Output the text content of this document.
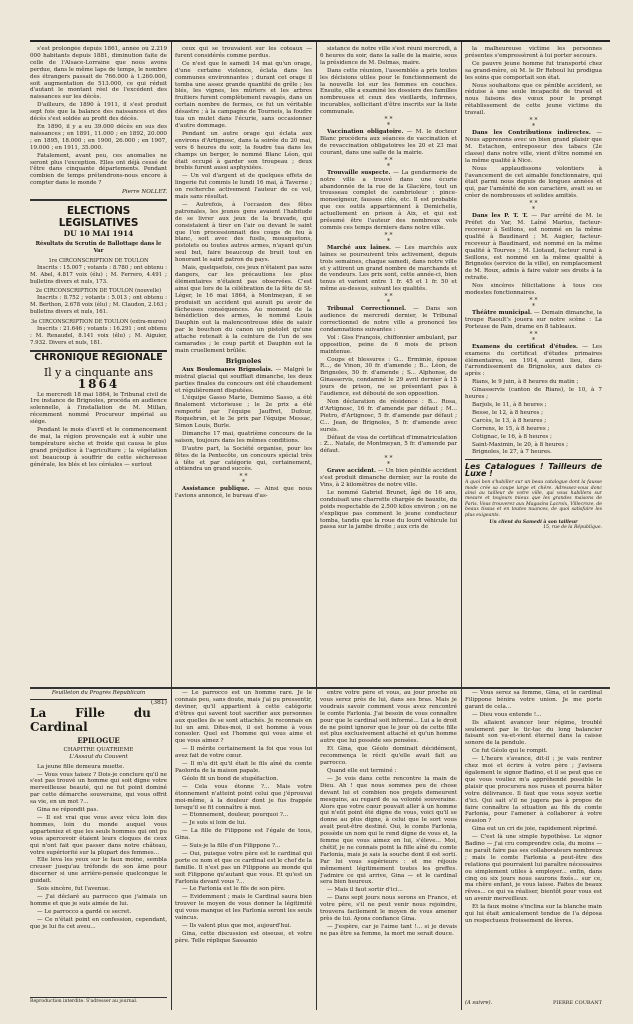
s'est prolongée depuis 1861, année où 2.219 000 habitants depuis 1881, diminution faite de celle de l'Alsace-Lorraine que nous avons perdue, dans le même laps de temps, le nombre des étrangers passait de 766.000 à 1.260.000, soit augmentation de 513.000, ce qui réduit d'autant le montant réel de l'excédent des naissances sur les décès.

D'ailleurs, de 1890 à 1911, il s'est produit sept fois que la balance des naissances et des décès s'est soldée au profit des décès.

En 1890, il y a eu 39.000 décès en sus des naissances ; en 1891, 11.000 ; en 1892, 20.000 ; en 1895, 18.000 ; en 1900, 26.000 ; en 1907, 19.000 ; en 1911, 35.000.

Fatalement, avant peu, ces anomalies ne seront plus l'exception. Elles ont déjà cessé de l'être dans cinquante départements. Pendant combien de temps prétendrons-nous encore à compter dans le monde ?

Pierre NOLLET.

ELECTIONS LEGISLATIVES
DU 10 MAI 1914
Résultats du Scrutin de Ballottage dans le Var
1re CIRCONSCRIPTION DE TOULON

Inscrits : 15.007 ; votants : 8.780 ; ont obtenu : M. Abel, 4.817 voix (élu) ; M. Ferrero, 4.491 ; bulletins divers et nuls, 173.

2e CIRCONSCRIPTION DE TOULON (nouvelle)

Inscrits : 8.752 ; votants : 5.013 ; ont obtenu : M. Berthon, 2.678 voix (élu) ; M. Claudon, 2.163 ; bulletins divers et nuls, 161.

3e CIRCONSCRIPTION DE TOULON (extra-muros)

Inscrits : 21.646 ; votants : 16.291 ; ont obtenu : M. Renaudel, 8.141 voix (élu) ; M. Aiguier, 7.932. Divers et nuls, 181.

CHRONIQUE RÉGIONALE
Il y a cinquante ans
1864

Le mercredi 18 mai 1864, le Tribunal civil de 1re instance de Brignoles, procéda en audience solennelle, à l'installation de M. Millan, récemment nommé Procureur impérial au siège.

Pendant le mois d'avril et le commencement de mai, la région provençale eut à subir une température sèche et froide qui causa le plus grand préjudice à l'agriculture ; la végétation est beaucoup à souffrir de cette sècheresse générale, les blés et les céréales — surtout

ceux qui se trouvaient sur les coteaux — furent considérés comme perdus.

Ce n'est que le samedi 14 mai qu'un orage, d'une certaine violence, éclata dans les communes environnantes ; durant cet orage il tomba une assez grande quantité de grêle ; les blés, les vignes, les mûriers et les arbres fruitiers furent complètement ravagés, dans un certain nombre de fermes, ce fut un véritable désastre ; à la campagne de Tourneis, la foudre tua un mulet dans l'écurie, sans occasionner d'autre dommage.

Pendant un autre orage qui éclata aux environs d'Artignosc, dans la soirée du 20 mai, vers 6 heures du soir, la foudre tua dans les champs un berger, le nommé Blanc Léon, qui était occupé à garder son troupeau ; deux brebis furent aussi asphyxiées.

— Un vol d'argent et de quelques effets de lingerie fut commis le lundi 16 mai, à Taverne ; on recherche activement l'auteur de ce vol, mais sans résultat.

— Autrefois, à l'occasion des fêtes patronales, les jeunes gens avaient l'habitude de se livrer aux jeux de la bravade, qui consistaient à tirer en l'air ou devant le saint que l'on processionnait des coups de feu à blanc, soit avec des fusils, mousquetons, pistolets ou toutes autres armes, n'ayant qu'un seul but, faire beaucoup de bruit tout en honorant le saint patron du pays.

Mais, quelquefois, ces jeux n'étaient pas sans dangers, car les précautions les plus élémentaires n'étaient pas observées. C'est ainsi que lors de la célébration de la fête de St-Léger, le 16 mai 1864, à Montmeyan, il se produisit un accident qui aurait pu avoir de fâcheuses conséquences. Au moment de la bénédiction des armes, le nommé Louis Dauphin eut la malencontreuse idée de saisir par le bouchon du canon un pistolet qu'une attache retenait à la ceinture de l'un de ses camarades ; le coup partit et Dauphin eut la main cruellement brûlée.

Brignoles

Aux Boulomanes Brignolais. — Malgré le mistral glacial qui soufflait dimanche, les deux parties finales du concours ont été chaudement et régulièrement disputées.

L'équipe Gasso Marie, Demimo Sasso, a été finalement victorieuse ; le 2e prix a été remporté par l'équipe Jauffret, Dufour, Roquebrun, et le 3e prix par l'équipe Messac, Simon Louis, Burle.

Dimanche 17 mai, quatrième concours de la saison, toujours dans les mêmes conditions.

D'autre part, la Société organise, pour les fêtes de la Pentecôte, un concours spécial très à tête et par catégorie qui, certainement, obtiendra un grand succès.

* *
*

Assistance publique. — Ainsi que nous l'avions annoncé, le bureau d'as-

sistance de notre ville s'est réuni mercredi, à 6 heures du soir, dans la salle de la mairie, sous la présidence de M. Delmas, maire.

Dans cette réunion, l'assemblée a pris toutes les décisions utiles pour le fonctionnement de la nouvelle loi sur les femmes en couches. Ensuite, elle a examiné les dossiers des familles nombreuses et ceux des vieillards, infirmes, incurables, sollicitant d'être inscrits sur la liste communale.

* *
*

Vaccination obligatoire. — M. le docteur Blanc procédera aux séances de vaccination et de revaccination obligatoires les 20 et 23 mai courant, dans une salle de la mairie.

* *
*

Trouvaille suspecte. — La gendarmerie de notre ville a trouvé dans une écurie abandonnée de la rue de la Glacière, tout un trousseau complet de cambrioleur : pince-monseigneur, fausses clés, etc. Il est probable que ces outils appartiennent à Demichelis, actuellement en prison à Aix, et qui est présumé être l'auteur des nombreux vols commis ces temps derniers dans notre ville.

* *
*

Marché aux laines. — Les marchés aux laines se poursuivent très activement, depuis trois semaines, chaque samedi, dans notre ville et y attirent un grand nombre de marchands et de vendeurs. Les prix sont, cette année-ci, bien tenus et varient entre 1 fr. 45 et 1 fr. 50 et même au-dessus, suivant les qualités.

* *
*

Tribunal Correctionnel. — Dans son audience de mercredi dernier, le Tribunal correctionnel de notre ville a prononcé les condamnations suivantes :

Vol : Giss François, chiffonnier ambulant, par opposition, peine de 6 mois de prison maintenue.

Coups et blessures : G... Ermimie, épouse R..., de Vinon, 30 fr. d'amende ; B... Léon, de Brignoles, 50 fr. d'amende ; S... Alphonse, de Ginasservis, condamné le 29 avril dernier à 15 jours de prison, ne se présentant pas à l'audience, est débouté de son opposition.

Non déclaration de résidence : B... Rosa, d'Artignosc, 16 fr. d'amende par défaut ; M... Pietro, d'Artignosc, 5 fr. d'amende par défaut ; C... Jean, de Brignoles, 5 fr. d'amende avec sursis.

Défaut de visa de certificat d'immatriculation : Z... Natale, de Montmeyan, 5 fr. d'amende par défaut.

* *
*

Grave accident. — Un bien pénible accident s'est produit dimanche dernier, sur la route de Vins, à 2 kilomètres de notre ville.

Le nommé Gabriel Brunet, âgé de 16 ans, conduisait une charrette chargée de bauxite, du poids respectable de 2.500 kilos environ ; on ne s'explique pas comment le jeune conducteur tomba, tandis que la roue du lourd véhicule lui passa sur la jambe droite ; aux cris de

la malheureuse victime les personnes présentes s'empressèrent à lui porter secours.

Ce pauvre jeune homme fut transporté chez sa grand-mère, où M. le Dr Reboul lui prodigua les soins que comportait son état.

Nous souhaitons que ce pénible accident, se réduise à une seule incapacité de travail et nous faisons des vœux pour le prompt rétablissement de cette jeune victime du travail.

* *
*

Dans les Contributions indirectes. — Nous apprenons avec un bien grand plaisir que M. Estachon, entreposeur des tabacs (2e classe) dans notre ville, vient d'être nommé en la même qualité à Nice.

Nous applaudissons volontiers à l'avancement de cet aimable fonctionnaire, qui était parmi nous depuis de longues années et qui, par l'aménité de son caractère, avait su se créer de nombreuses et solides amitiés.

* *
*

Dans les P. T. T. — Par arrêté de M. le Préfet du Var, M. Laîné Marius, facteur-receveur à Seillons, est nommé en la même qualité à Baudinard ; M. Augier, facteur-receveur à Baudinard, est nommé en la même qualité à Tourves ; M. Liotaud, facteur rural à Seillons, est nommé en la même qualité à Brignoles (service de la ville), en remplacement de M. Roux, admis à faire valoir ses droits à la retraite.

Nos sincères félicitations à tous ces modestes fonctionnaires.

* *
*

Théâtre municipal. — Demain dimanche, la troupe Raoult's jouera sur notre scène : La Porteuse de Pain, drame en 8 tableaux.

* *
*

Examens du certificat d'études. — Les examens du certificat d'études primaires élémentaires, en 1914, auront lieu, dans l'arrondissement de Brignoles, aux dates ci-après :

Rians, le 9 juin, à 8 heures du matin ;

Ginasservis (canton de Rians), le 10, à 7 heures ;

Barjols, le 11, à 8 heures ;

Besse, le 12, à 8 heures ;

Carcès, le 13, à 8 heures ;

Correns, le 15, à 8 heures ;

Cotignac, le 16, à 8 heures ;

Saint-Maximin, le 20, à 8 heures ;

Brignoles, le 27, à 7 heures.

Les Catalogues ! Tailleurs de Luxe !
A quoi bon s'habiller sur un beau catalogue dont la fausse mode crée sa coupe large et chère. Adressez-vous donc ainsi au tailleur de votre ville, qui vous habillera sur mesure et toujours mieux que les grandes maisons de Paris. Vous trouverez aux Magasins Lacroix, Villecroze, de beaux tissus et en toutes nuances, de quoi satisfaire les plus exigeants.
Un client du Samedi à son tailleur
15, rue de la République.
Feuilleton du Progrès Républicain
(381)
La Fille du Cardinal
EPILOGUE
CHAPITRE QUATRIEME
L'Assaut du Couvent

La jeune fille demeura muette.

— Vous vous taisez ? Dois-je conclure qu'il ne s'est pas trouvé un homme qui soit digne votre merveilleuse beauté, qui ne fut point dominé par cette démarche souveraine, qui vous offrit sa vie, en un mot ?...

Gina ne répondit pas.

— Il est vrai que vous avez vécu loin des hommes, loin du monde auquel vous apparteniez et que les seuls hommes qui ont pu vous apercevoir étaient leurs cloques de ceux qui n'ont fait que passer dans notre château, votre supériorité sur la plupart des femmes...

Elle leva les yeux sur le faux moine, sembla creuser jusqu'au tréfonds de son âme pour discerner si une arrière-pensée quelconque le guidait.

Sois sincère, fut l'avenue.

— J'ai déclaré au parrocco que j'aimais un homme et que je suis aimée de lui.

— Le parrocco a gardé ce secret.

— Ce n'était point en confession, cependant, que je lui fis cet aveu...

Reproduction interdite. S'adresser au journal.

— Le parrocco est un homme rare. Je le connais peu, sans doute, mais j'ai pu pressentir, deviner, qu'il appartient à cette catégorie d'êtres qui savent tout sacrifier aux personnes aux quelles ils se sont attachés. Je reconnais en lui un ami. Dites-moi, il est homme à vous consoler. Quel est l'homme qui vous aime et que vous aimez ?

— Il mérite certainement la foi que vous lui avez fait de votre cœur.

— Il m'a dit qu'il était le fils aîné du comte Paolorda de la maison papale.

Géolo fit un bond de stupéfaction.

— Cela vous étonne ?... Mais votre étonnement n'atteint point celui que j'éprouvai moi-même, à la douleur dont je fus frappée lorsqu'il se fit connaître à moi.

— Etonnement, douleur, pourquoi ?...

— Je suis si loin de lui.

— La fille de Filippone est l'égale de tous, Gina.

— Suis-je la fille d'un Filippone ?...

— Oui, puisque votre père est le cardinal qui porte ce nom et que ce cardinal est le chef de la famille. Il n'est pas un Filippone au monde qui soit Filippone qu'autant que vous. Et qu'est un Farlonia devant vous ?...

— Le Farlonia est le fils de son père.

— Evidemment ; mais le Cardinal saura bien trouver le moyen de vous donner la légitimité qui vous manque et les Farlonia seront les seuls vaincus.

— Ils valent plus que moi, aujourd'hui.

Gina, cette discussion est oiseuse, et votre père. Telle réplique Sassanio

entre votre père et vous, au jour proche où vous serez près de lui, dans ses bras. Mais je voudrais savoir comment vous avez rencontré le comte Farlonia. J'ai besoin de vous connaître pour que le cardinal soit informé... Lui a le droit de ne point ignorer que le jour où de cette fille est plus exclusivement attaché et qu'un homme autre que lui possède ses pensées.

Et Gina, que Géolo dominait décidément, recommença le récit qu'elle avait fait au parrocco.

Quand elle eut terminé :

— Je vois dans cette rencontre la main de Dieu. Ah ! que nous sommes peu de chose devant lui et combien nos projets demeurent mesquins, au regard de sa volonté souveraine. Alors que votre cœur pouvait aller à un homme qui n'eût point été digne de vous, voici qu'il se donne au plus digne, à celui que le sort vous avait peut-être destiné. Oui, le comte Farlonia, possède un nom qui le rend digne de vous et, la femme que vous aimez en lui, s'éleve... Moi, chétif, je ne connais point la fille aîné du comte Farlonia, mais je sais la souche dont il est sorti. Par lui vous supérieurs : et me réjouis mêmement légitimement toutes les greffes. J'admire ce qui arrive, Gina — et le cardinal sera bien heureux.

— Mais il faut sortir d'ici...

— Dans sept jours nous serons en France, et votre père, s'il ne peut venir nous rejoindre, trouvera facilement le moyen de vous amener près de lui. Ayons confiance Gina.

— J'espère, car je l'aime tant !... si je devais ne pas être sa femme, la mort me serait douce.

— Vous serez sa femme, Gina, et le cardinal Filippone bénira votre union. Je me porte garant de cela...

— Dieu vous entende !...

Ils allaient avancer leur régime, troublé seulement par le tic-tac du long balancier faisant son va-et-vient éternel dans la caisse sonore de la pendule.

Ce fut Géolo qui le rompit.

— L'heure s'avance, dit-il ; je vais rentrer chez moi et écrire à votre père ; j'avisera également le signor Badino, et il se peut que ce que vous vouliez m'a appréhendé possible le plaisir que procurera nos ruses et pourra hâter votre délivrance. Il faut que vous soyez sortie d'ici. Qui sait s'il ne jugera pas à propos de faire connaître la situation au fils du comte Farlonia, pour l'amener à collaborer à votre évasion ?

Gina eut un cri de joie, rapidement réprimé.

— C'est là une simple hypothèse. Le signor Badino — j'ai cru comprendre cela, du moins — ne paraît faire pas ses collaborateurs nombreux ; mais le comte Farlonia a peut-être des relations qui pourraient lui paraître nécessaires ou simplement utiles à employer... enfin, dans cinq ou six jours nous saurons fixés... sur ce, ma chère enfant, je vous laisse. Faites de beaux rêves... ce qui va réaliser, bientôt pour vous est un avenir merveilleux.

Et la faux moine s'inclina sur la blanche main qui lui était amicalement tendue de l'a déposa un respectueux froissement de lèvres.

(A suivre).	PIERRE COURANT
